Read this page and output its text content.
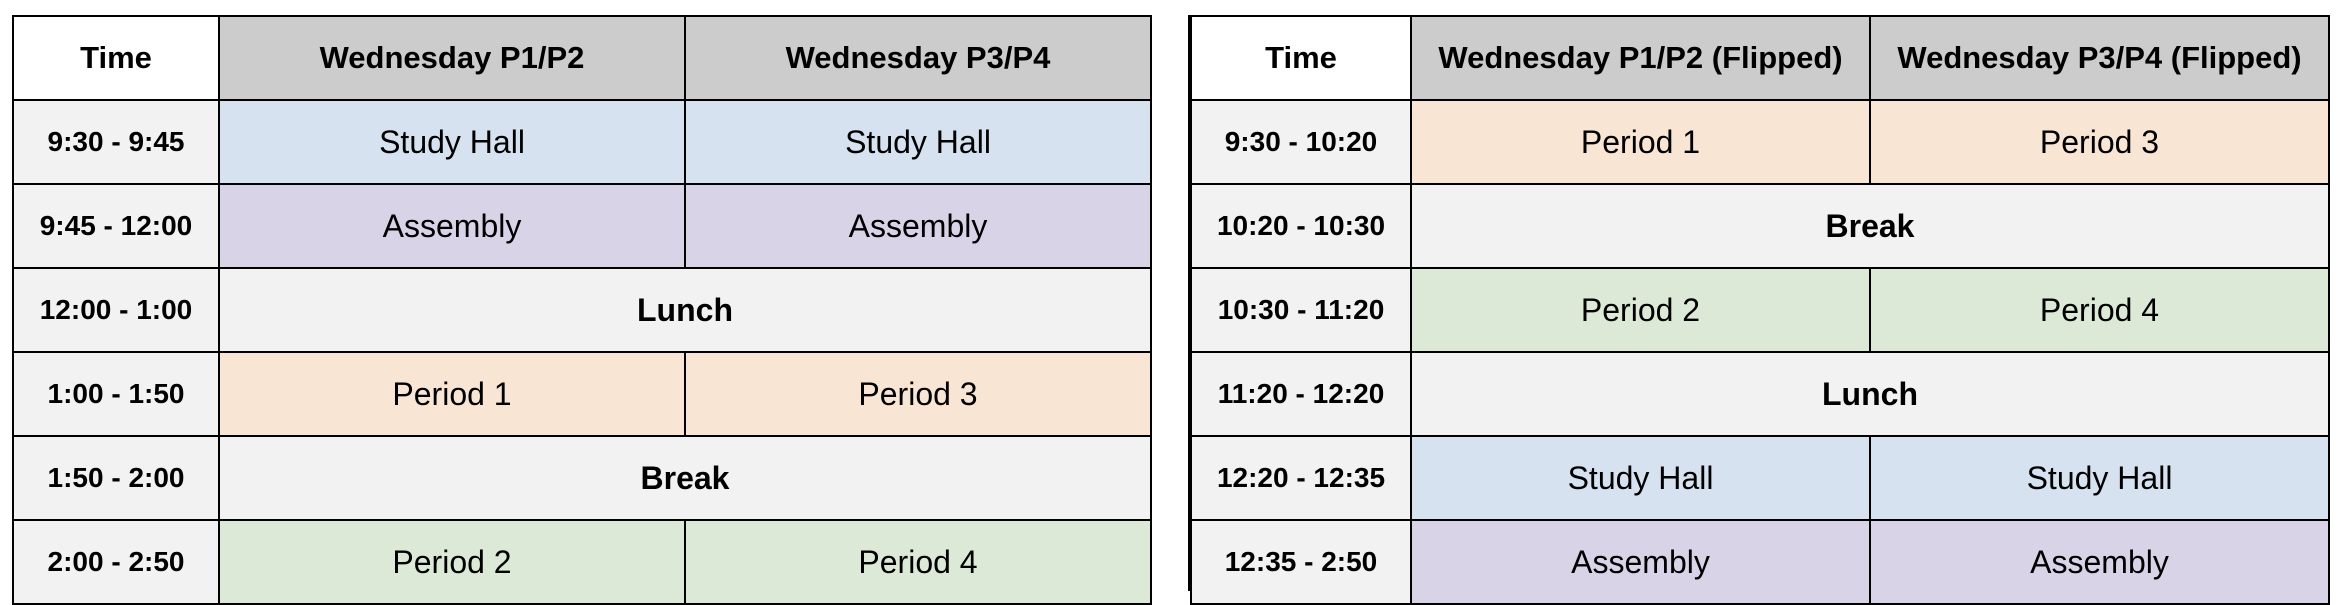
Time	Wednesday P1/P2	Wednesday P3/P4
9:30 - 9:45	Study Hall	Study Hall
9:45 - 12:00	Assembly	Assembly
12:00 - 1:00	Lunch	
1:00 - 1:50	Period 1	Period 3
1:50 - 2:00	Break	
2:00 - 2:50	Period 2	Period 4
Time	Wednesday P1/P2 (Flipped)	Wednesday P3/P4 (Flipped)
9:30 - 10:20	Period 1	Period 3
10:20 - 10:30	Break	
10:30 - 11:20	Period 2	Period 4
11:20 - 12:20	Lunch	
12:20 - 12:35	Study Hall	Study Hall
12:35 - 2:50	Assembly	Assembly
